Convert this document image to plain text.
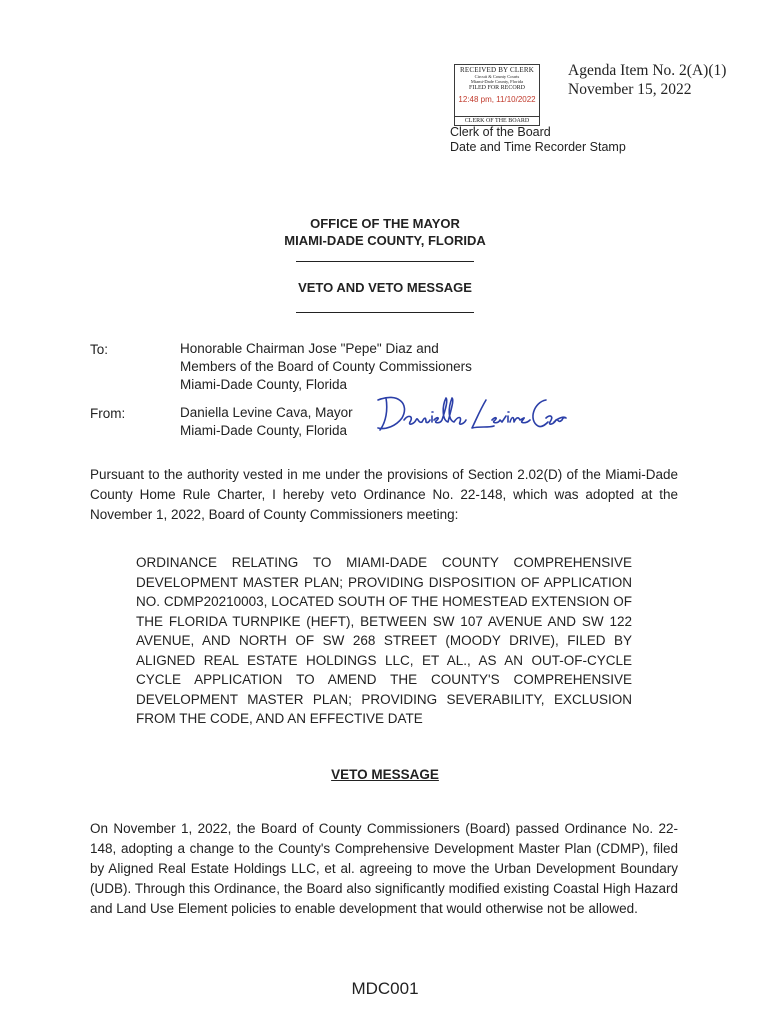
RECEIVED BY CLERK
Circuit & County Courts
Miami-Dade County, Florida
FILED FOR RECORD
12:48 pm, 11/10/2022
CLERK OF THE BOARD
Agenda Item No. 2(A)(1)
November 15, 2022
Clerk of the Board
Date and Time Recorder Stamp
OFFICE OF THE MAYOR
MIAMI-DADE COUNTY, FLORIDA
VETO AND VETO MESSAGE
To:	Honorable Chairman Jose "Pepe" Diaz and
Members of the Board of County Commissioners
Miami-Dade County, Florida
From:	Daniella Levine Cava, Mayor
Miami-Dade County, Florida
Pursuant to the authority vested in me under the provisions of Section 2.02(D) of the Miami-Dade County Home Rule Charter, I hereby veto Ordinance No. 22-148, which was adopted at the November 1, 2022, Board of County Commissioners meeting:
ORDINANCE RELATING TO MIAMI-DADE COUNTY COMPREHENSIVE DEVELOPMENT MASTER PLAN; PROVIDING DISPOSITION OF APPLICATION NO. CDMP20210003, LOCATED SOUTH OF THE HOMESTEAD EXTENSION OF THE FLORIDA TURNPIKE (HEFT), BETWEEN SW 107 AVENUE AND SW 122 AVENUE, AND NORTH OF SW 268 STREET (MOODY DRIVE), FILED BY ALIGNED REAL ESTATE HOLDINGS LLC, ET AL., AS AN OUT-OF-CYCLE CYCLE APPLICATION TO AMEND THE COUNTY'S COMPREHENSIVE DEVELOPMENT MASTER PLAN; PROVIDING SEVERABILITY, EXCLUSION FROM THE CODE, AND AN EFFECTIVE DATE
VETO MESSAGE
On November 1, 2022, the Board of County Commissioners (Board) passed Ordinance No. 22-148, adopting a change to the County's Comprehensive Development Master Plan (CDMP), filed by Aligned Real Estate Holdings LLC, et al. agreeing to move the Urban Development Boundary (UDB). Through this Ordinance, the Board also significantly modified existing Coastal High Hazard and Land Use Element policies to enable development that would otherwise not be allowed.
MDC001
